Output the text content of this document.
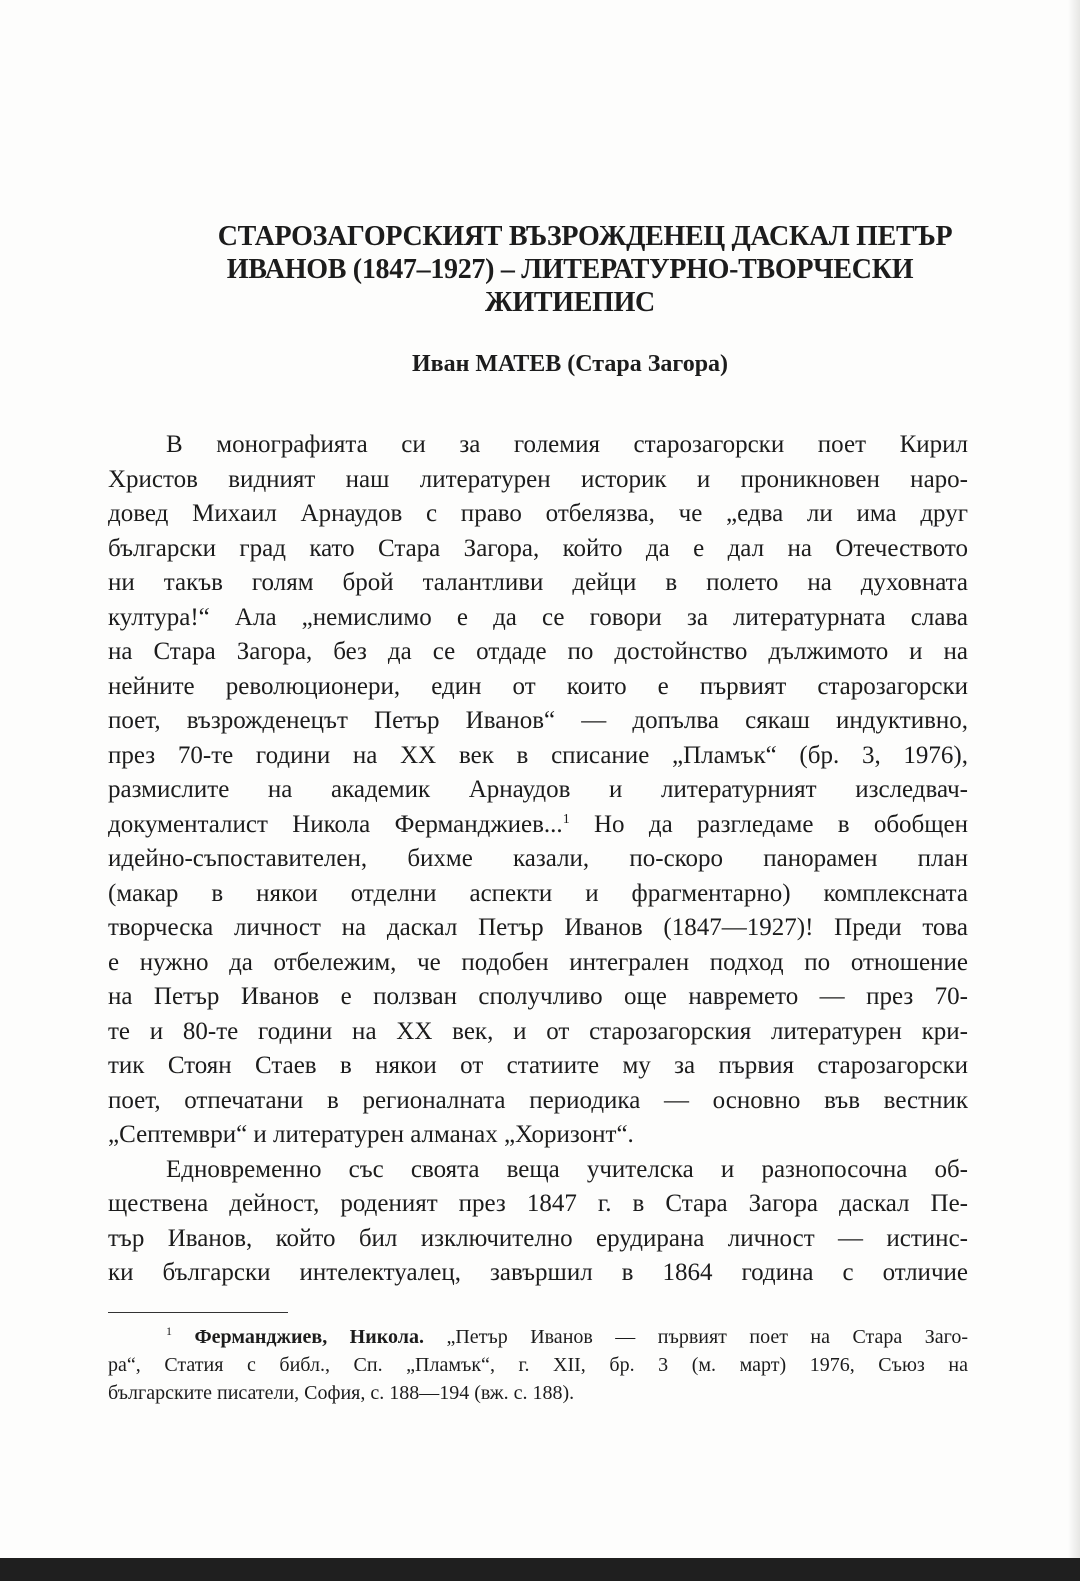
СТАРОЗАГОРСКИЯТ ВЪЗРОЖДЕНЕЦ ДАСКАЛ ПЕТЪР
ИВАНОВ (1847–1927) – ЛИТЕРАТУРНО-ТВОРЧЕСКИ
ЖИТИЕПИС
Иван МАТЕВ (Стара Загора)
В монографията си за големия старозагорски поет Кирил
Христов видният наш литературен историк и проникновен наро-
довед Михаил Арнаудов с право отбелязва, че „едва ли има друг
български град като Стара Загора, който да е дал на Отечеството
ни такъв голям брой талантливи дейци в полето на духовната
култура!“ Ала „немислимо е да се говори за литературната слава
на Стара Загора, без да се отдаде по достойнство дължимото и на
нейните революционери, един от които е първият старозагорски
поет, възрожденецът Петър Иванов“ — допълва сякаш индуктивно,
през 70-те години на ХХ век в списание „Пламък“ (бр. 3, 1976),
размислите на академик Арнаудов и литературният изследвач-
документалист Никола Ферманджиев...$^1$ Но да разгледаме в обобщен
идейно-съпоставителен, бихме казали, по-скоро панорамен план
(макар в някои отделни аспекти и фрагментарно) комплексната
творческа личност на даскал Петър Иванов (1847—1927)! Преди това
е нужно да отбележим, че подобен интегрален подход по отношение
на Петър Иванов е ползван сполучливо още навремето — през 70-
те и 80-те години на ХХ век, и от старозагорския литературен кри-
тик Стоян Стаев в някои от статиите му за първия старозагорски
поет, отпечатани в регионалната периодика — основно във вестник
„Септември“ и литературен алманах „Хоризонт“.
Едновременно със своята веща учителска и разнопосочна об-
ществена дейност, роденият през 1847 г. в Стара Загора даскал Пе-
тър Иванов, който бил изключително ерудирана личност — истинс-
ки български интелектуалец, завършил в 1864 година с отличие
$^1$ Ферманджиев, Никола. „Петър Иванов — първият поет на Стара Заго-
ра“, Статия с библ., Сп. „Пламък“, г. XII, бр. 3 (м. март) 1976, Съюз на
българските писатели, София, с. 188—194 (вж. с. 188).
